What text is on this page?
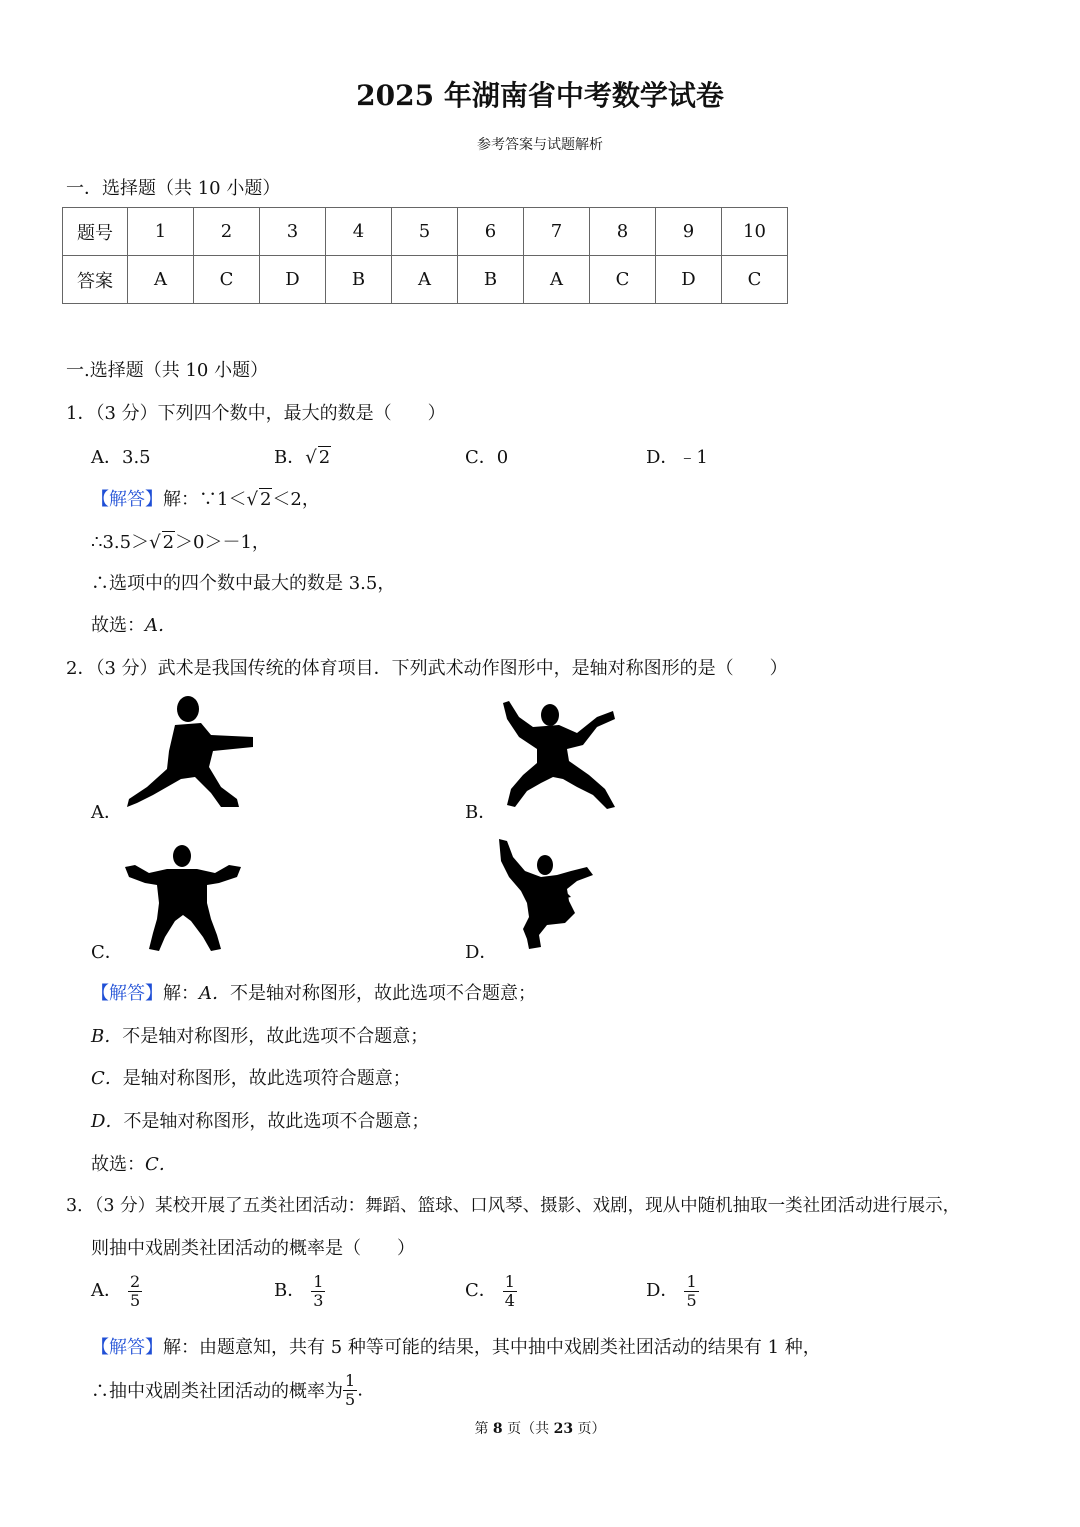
2025 年湖南省中考数学试卷
参考答案与试题解析
一．选择题（共 10 小题）
题号	1	2	3	4	5	6	7	8	9	10
答案	A	C	D	B	A	B	A	C	D	C
一.选择题（共 10 小题）
1．（3 分）下列四个数中，最大的数是（　　）
A．3.5	B．√ 2	C．0	D．﹣1
【解答】解：∵1＜√ 2＜2，
∴3.5＞√ 2＞0＞－1，
∴选项中的四个数中最大的数是 3.5，
故选：A．
2．（3 分）武术是我国传统的体育项目．下列武术动作图形中，是轴对称图形的是（　　）
A．	B．
C．	D．
【解答】解：A．不是轴对称图形，故此选项不合题意；
B．不是轴对称图形，故此选项不合题意；
C．是轴对称图形，故此选项符合题意；
D．不是轴对称图形，故此选项不合题意；
故选：C．
3．（3 分）某校开展了五类社团活动：舞蹈、篮球、口风琴、摄影、戏剧，现从中随机抽取一类社团活动进行展示，
则抽中戏剧类社团活动的概率是（　　）
A． $\frac{2}{5}$	B． $\frac{1}{3}$	C． $\frac{1}{4}$	D． $\frac{1}{5}$
【解答】解：由题意知，共有 5 种等可能的结果，其中抽中戏剧类社团活动的结果有 1 种，
∴抽中戏剧类社团活动的概率为 $\frac{1}{5}$ .
第 8 页（共 23 页）
